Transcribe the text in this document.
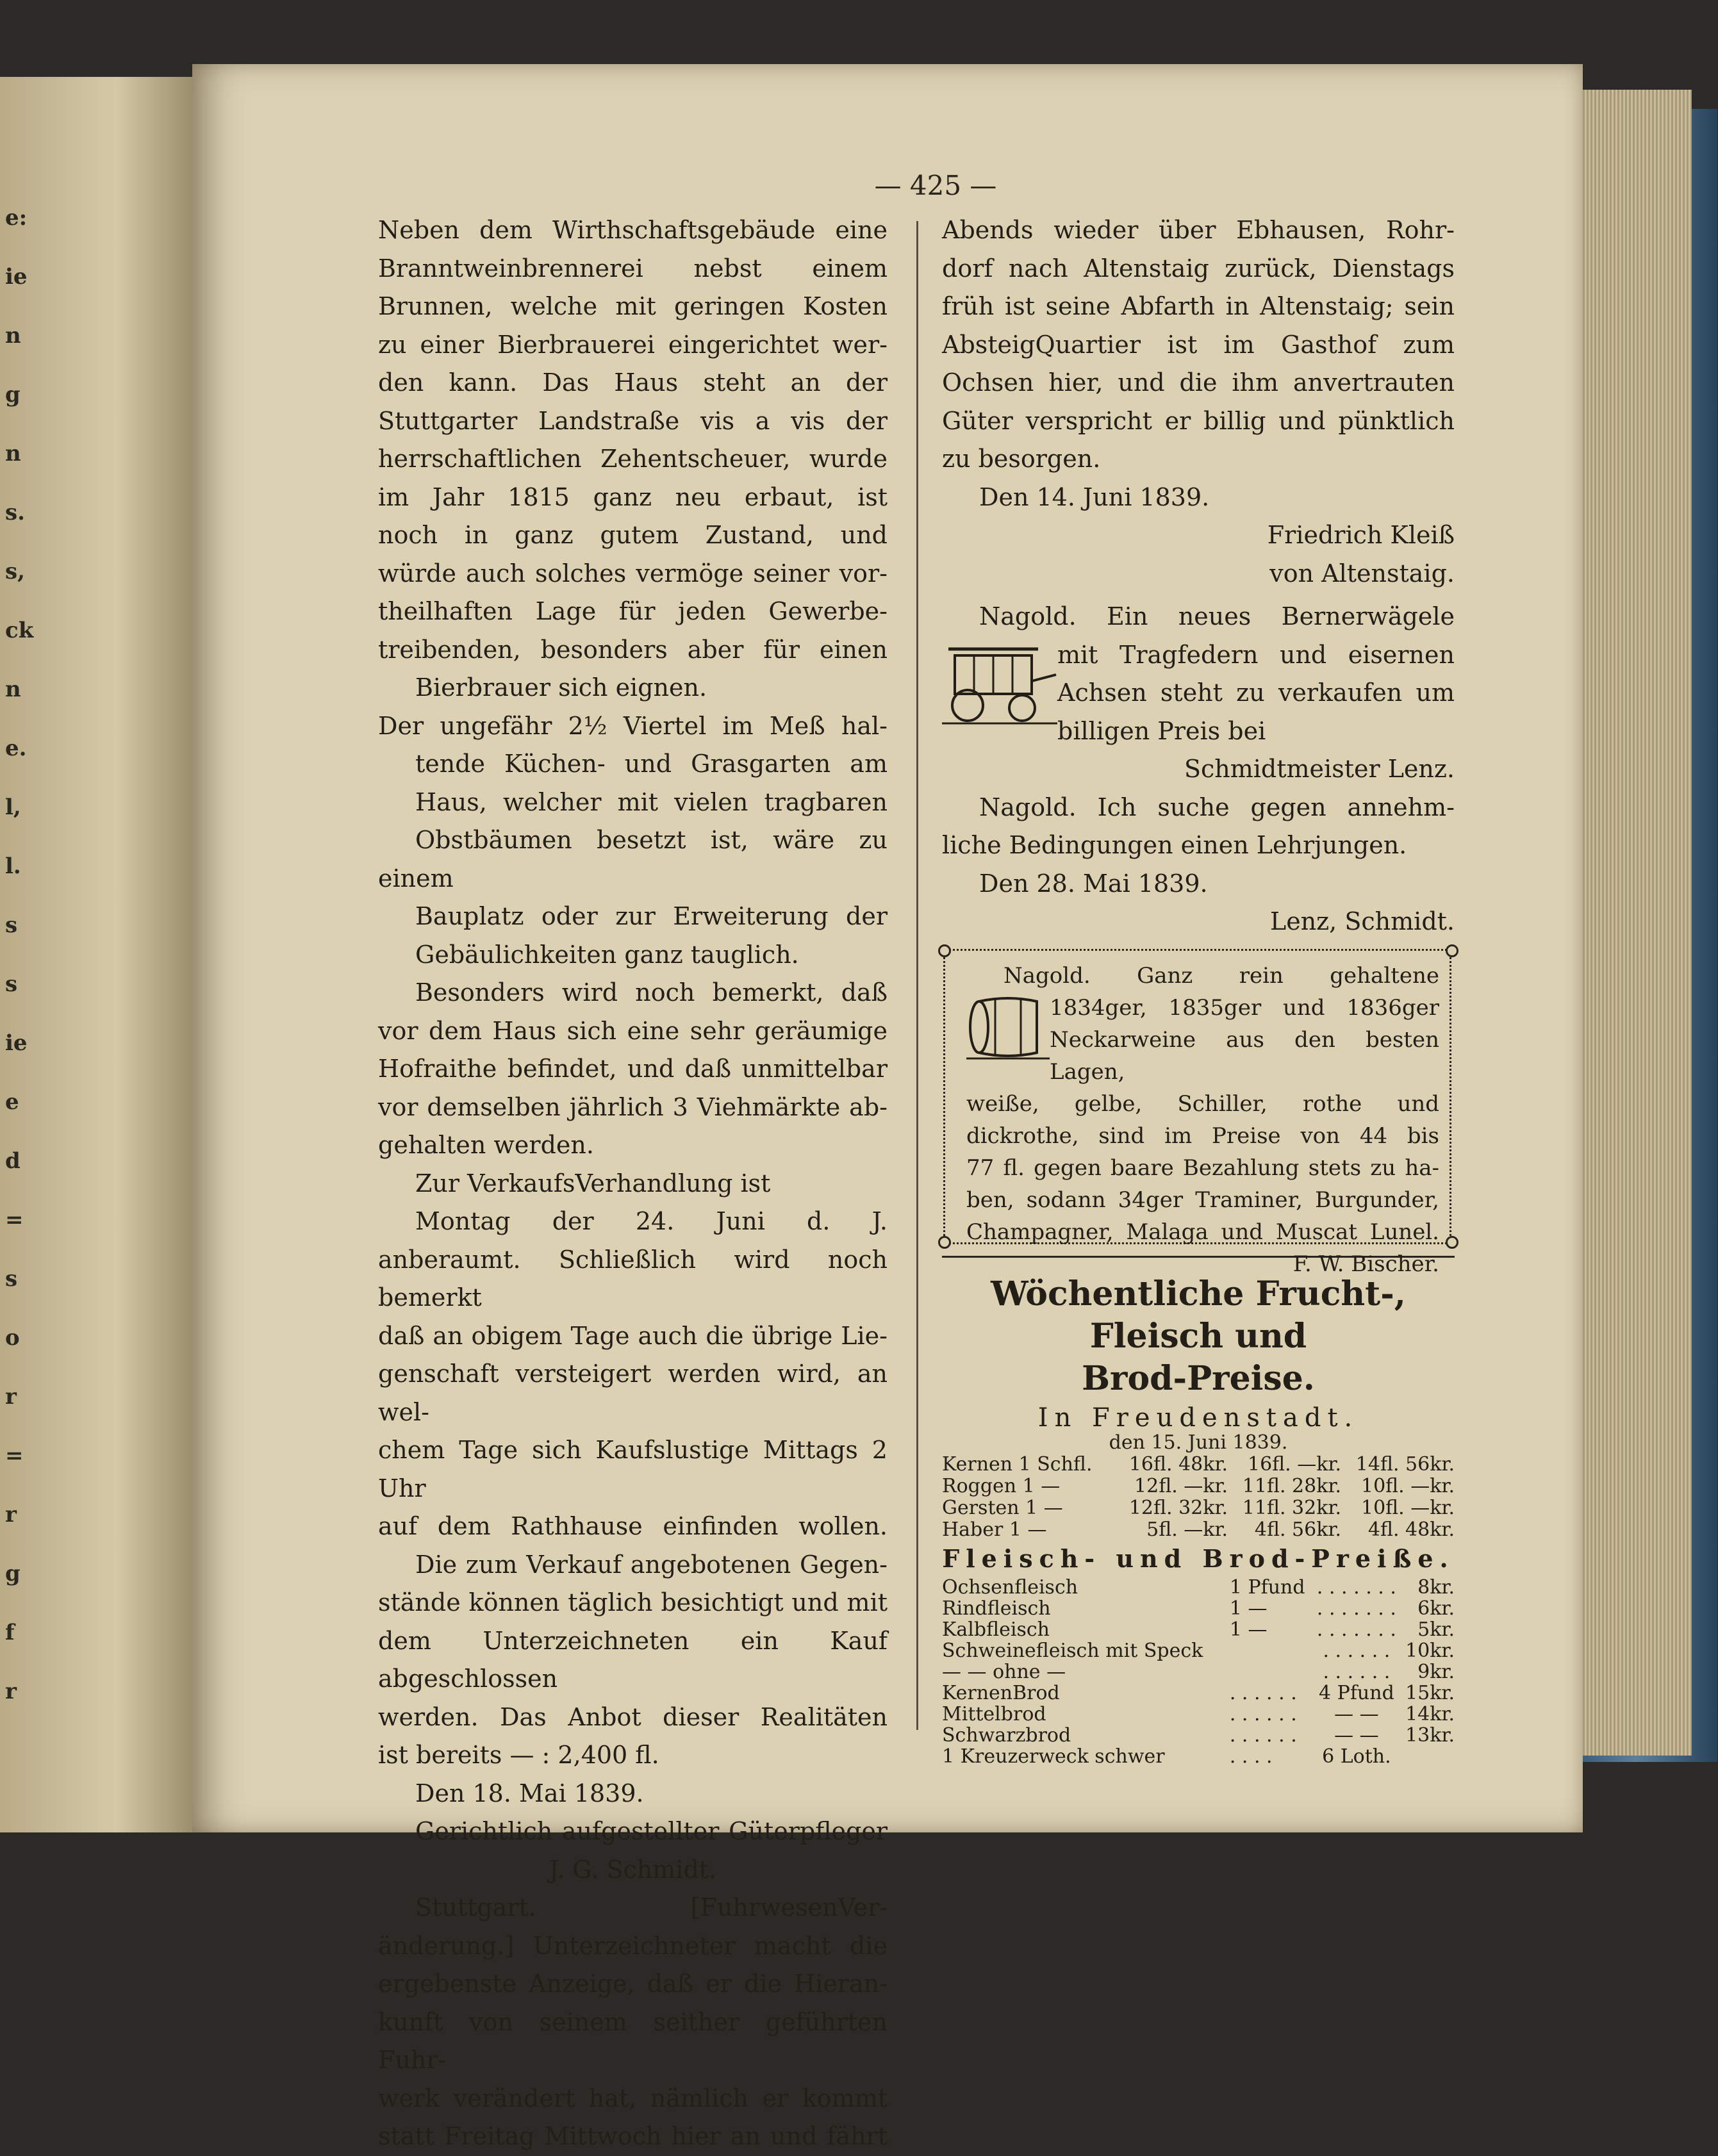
e:
ie
n
g
n
s.
s,
ck
n
e.
l,
l.
s
s
ie
e
d
=
s
o
r
=
r
g
f
r
— 425 —

Neben dem Wirthschaftsgebäude eine

Branntweinbrennerei nebst einem

Brunnen, welche mit geringen Kosten

zu einer Bierbrauerei eingerichtet wer-

den kann. Das Haus steht an der

Stuttgarter Landstraße vis a vis der

herrschaftlichen Zehentscheuer, wurde

im Jahr 1815 ganz neu erbaut, ist

noch in ganz gutem Zustand, und

würde auch solches vermöge seiner vor-

theilhaften Lage für jeden Gewerbe-

treibenden, besonders aber für einen

Bierbrauer sich eignen.

Der ungefähr 2½ Viertel im Meß hal-

tende Küchen- und Grasgarten am

Haus, welcher mit vielen tragbaren

Obstbäumen besetzt ist, wäre zu einem

Bauplatz oder zur Erweiterung der

Gebäulichkeiten ganz tauglich.

Besonders wird noch bemerkt, daß

vor dem Haus sich eine sehr geräumige

Hofraithe befindet, und daß unmittelbar

vor demselben jährlich 3 Viehmärkte ab-

gehalten werden.

Zur VerkaufsVerhandlung ist

Montag der 24. Juni d. J.

anberaumt. Schließlich wird noch bemerkt

daß an obigem Tage auch die übrige Lie-

genschaft versteigert werden wird, an wel-

chem Tage sich Kaufslustige Mittags 2 Uhr

auf dem Rathhause einfinden wollen.

Die zum Verkauf angebotenen Gegen-

stände können täglich besichtigt und mit

dem Unterzeichneten ein Kauf abgeschlossen

werden. Das Anbot dieser Realitäten

ist bereits — : 2,400 fl.

Den 18. Mai 1839.

Gerichtlich aufgestellter Güterpfleger

J. G. Schmidt.

Stuttgart. [FuhrwesenVer-

änderung.] Unterzeichneter macht die

ergebenste Anzeige, daß er die Hieran-

kunft von seinem seither geführten Fuhr-

werk verändert hat, nämlich er kommt

statt Freitag Mittwoch hier an und fährt

Abends wieder über Ebhausen, Rohr-

dorf nach Altenstaig zurück, Dienstags

früh ist seine Abfarth in Altenstaig; sein

AbsteigQuartier ist im Gasthof zum

Ochsen hier, und die ihm anvertrauten

Güter verspricht er billig und pünktlich

zu besorgen.

Den 14. Juni 1839.

Friedrich Kleiß

von Altenstaig.

Nagold. Ein neues Bernerwägele

mit Tragfedern und eisernen

Achsen steht zu verkaufen um

billigen Preis bei

Schmidtmeister Lenz.

Nagold. Ich suche gegen annehm-

liche Bedingungen einen Lehrjungen.

Den 28. Mai 1839.

Lenz, Schmidt.

Nagold. Ganz rein gehaltene

1834ger, 1835ger und 1836ger

Neckarweine aus den besten Lagen,

weiße, gelbe, Schiller, rothe und

dickrothe, sind im Preise von 44 bis

77 fl. gegen baare Bezahlung stets zu ha-

ben, sodann 34ger Traminer, Burgunder,

Champagner, Malaga und Muscat Lunel.

F. W. Bischer.

Wöchentliche Frucht-, Fleisch und
Brod-Preise.
In Freudenstadt.
den 15. Juni 1839.
Kernen 1 Schfl.	16fl. 48kr.	16fl. —kr.	14fl. 56kr.
Roggen 1 —	12fl. —kr.	11fl. 28kr.	10fl. —kr.
Gersten 1 —	12fl. 32kr.	11fl. 32kr.	10fl. —kr.
Haber 1 —	5fl. —kr.	4fl. 56kr.	4fl. 48kr.
Fleisch- und Brod-Preiße.
Ochsenfleisch	1 Pfund	. . . . . . .	8kr.
Rindfleisch	1 —	. . . . . . .	6kr.
Kalbfleisch	1 —	. . . . . . .	5kr.
Schweinefleisch mit Speck		. . . . . .	10kr.
— — ohne —		. . . . . .	9kr.
KernenBrod	. . . . . .	4 Pfund	15kr.
Mittelbrod	. . . . . .	— —	14kr.
Schwarzbrod	. . . . . .	— —	13kr.
1 Kreuzerweck schwer	. . . .	6 Loth.	
